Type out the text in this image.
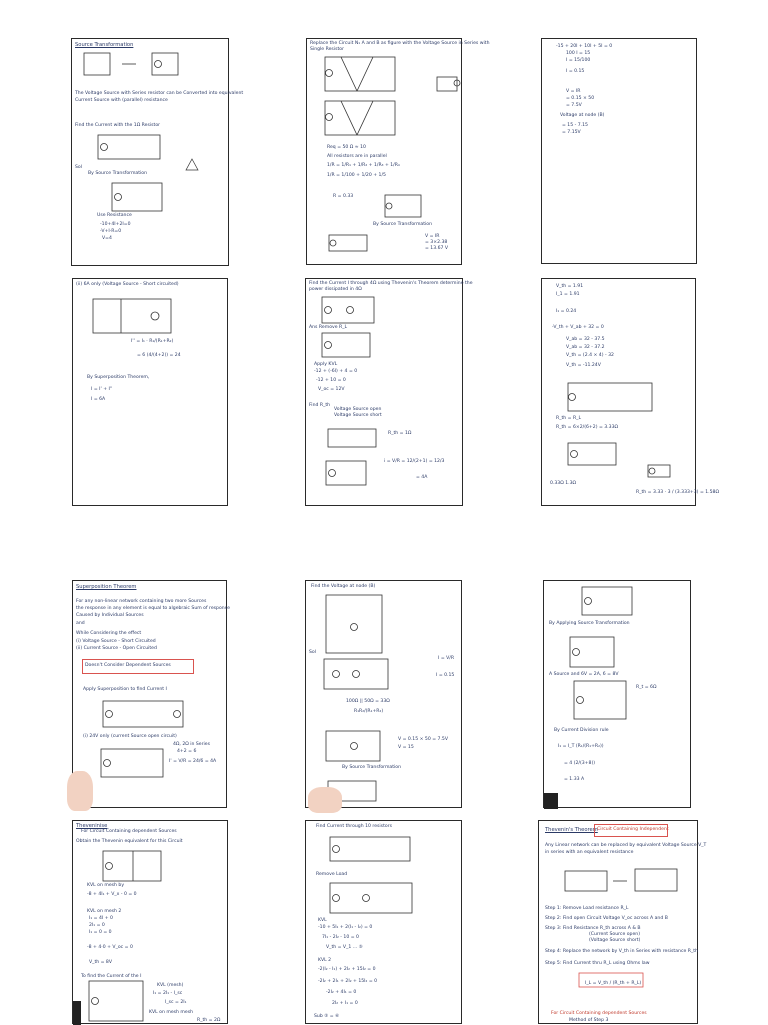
Source Transformation
The Voltage Source with Series resistor can be Converted into equivalent
Current Source with (parallel) resistance
Find the Current with the 1Ω Resistor
Sol
By Source Transformation
Use Resistance
-10+4I+2I=0
-V+I·R=0
V=4
Replace the Circuit N₁ A and B as figure with the Voltage Source in Series with
Single Resistor
Req = 50 Ω ≈ 10
All resistors are in parallel
1/R = 1/R₁ + 1/R₂ + 1/R₃ + 1/R₄
1/R = 1/100 + 1/20 + 1/5
R = 0.33
By Source Transformation
V = IR
= 3×2.38
= 13.67 V
-15 + 20I + 10I + 5I = 0
100 I = 15
I = 15/100
I = 0.15
V = IR
= 0.15 × 50
= 7.5V
Voltage at node (B)
= 15 - 7.15
= 7.15V
(ii) 6A only (Voltage Source - Short circuited)
I'' = I₁ · R₁/(R₁+R₂)
= 6 (4/(4+2)) = 24
By Superposition Theorem,
I = I' + I''
I = 6A
Find the Current I through 4Ω using Thevenin's Theorem determine the
power dissipated in 4Ω
Ans Remove R_L
Apply KVL
-12 + (-6I) + 4 = 0
-12 + 10 = 0
V_oc = 12V
Find R_th
Voltage Source open
Voltage Source short
R_th = 1Ω
i = V/R = 12/(2+1) = 12/3
= 4A
V_th = 1.91
I_1 = 1.91
I₁ = 0.24
-V_th + V_ab + 32 = 0
V_ab = 32 - 37.5
V_ab = 32 - 37.2
V_th = (2.4 × 4) - 32
V_th = -11.24V
R_th = R_L
R_th = 6×2/(6+2) = 3.33Ω
0.33Ω 1.3Ω
R_th = 3.33 · 3 / (3.333+3) = 1.58Ω
Superposition Theorem
For any non-linear network containing two more Sources
the response in any element is equal to algebraic Sum of response
Caused by Individual Sources
and
While Considering the effect
(i) Voltage Source - Short Circuited
(ii) Current Source - Open Circuited
Doesn't Consider Dependent Sources
Apply Superposition to find Current I
(i) 24V only (current Source open circuit)
4Ω, 2Ω in Series
4+2 = 6
I' = V/R = 24/6 = 4A
Find the Voltage at node (B)
Sol
I = V/R
I = 0.15
100Ω || 50Ω = 33Ω
R₁R₂/(R₁+R₂)
V = 0.15 × 50 = 7.5V
V = 15
By Source Transformation
By Applying Source Transformation
A Source and 6V = 2A, 6 = 8V
R_t = 6Ω
By Current Division rule
I₁ = I_T (R₁/(R₁+R₂))
= 4 (2/(3+8))
= 1.33 A
Theveninise
For Circuit Containing dependent Sources
Obtain the Thevenin equivalent for this Circuit
KVL on mesh by
-8 + 4I₁ + V_x - 0 = 0
KVL on mesh 2
I₁ = 4I + 0
2I₁ = 0
I₁ = 0 = 0
-8 + 4·0 + V_oc = 0
V_th = 8V
To find the Current of the I
KVL (mesh)
I₁ = 2I₁ - I_sc
I_sc = 2I₁
KVL on mesh mesh
R_th = 2Ω
Find Current through 10 resistors
Remove Load
KVL
-10 + 5I₁ + 2(I₁ - I₂) = 0
7I₁ - 2I₂ - 10 = 0
V_th = V_1 ... ⑤
KVL 2
-2(I₂ - I₁) + 2I₂ + 15I₂ = 0
-2I₂ + 2I₁ + 2I₂ + 15I₂ = 0
-2I₂ + 4I₁ = 0
2I₂ + I₁ = 0
Sub ⑤ = ⑥
Thevenin's Theorem Circuit Containing Independent
Any Linear network can be replaced by equivalent Voltage Source V_T
in series with an equivalent resistance
Step 1: Remove Load resistance R_L
Step 2: Find open Circuit Voltage V_oc across A and B
Step 3: Find Resistance R_th across A & B
(Current Source open)
(Voltage Source short)
Step 4: Replace the network by V_th in Series with resistance R_th
Step 5: Find Current thru R_L using Ohms law
I_L = V_th / (R_th + R_L)
For Circuit Containing dependent Sources
Method of Step 3
